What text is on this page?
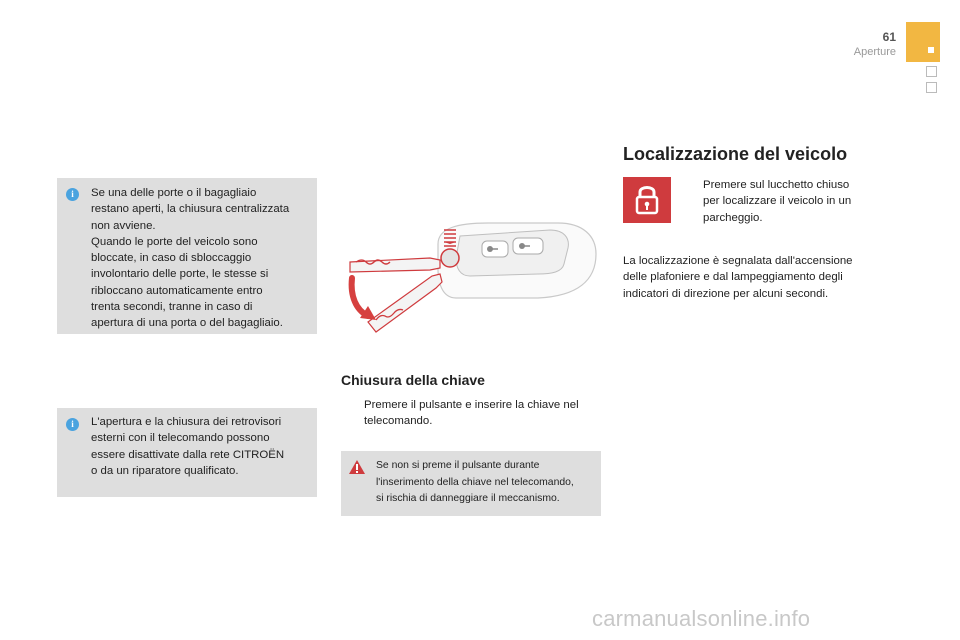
61
Aperture
i	Se una delle porte o il bagagliaio
restano aperti, la chiusura centralizzata
non avviene.
Quando le porte del veicolo sono
bloccate, in caso di sbloccaggio
involontario delle porte, le stesse si
ribloccano automaticamente entro
trenta secondi, tranne in caso di
apertura di una porta o del bagagliaio.
i	L'apertura e la chiusura dei retrovisori
esterni con il telecomando possono
essere disattivate dalla rete CITROËN
o da un riparatore qualificato.
Chiusura della chiave
Premere il pulsante e inserire la chiave nel
telecomando.
Se non si preme il pulsante durante
l'inserimento della chiave nel telecomando,
si rischia di danneggiare il meccanismo.
Localizzazione del veicolo
Premere sul lucchetto chiuso
per localizzare il veicolo in un
parcheggio.
La localizzazione è segnalata dall'accensione
delle plafoniere e dal lampeggiamento degli
indicatori di direzione per alcuni secondi.
carmanualsonline.info
